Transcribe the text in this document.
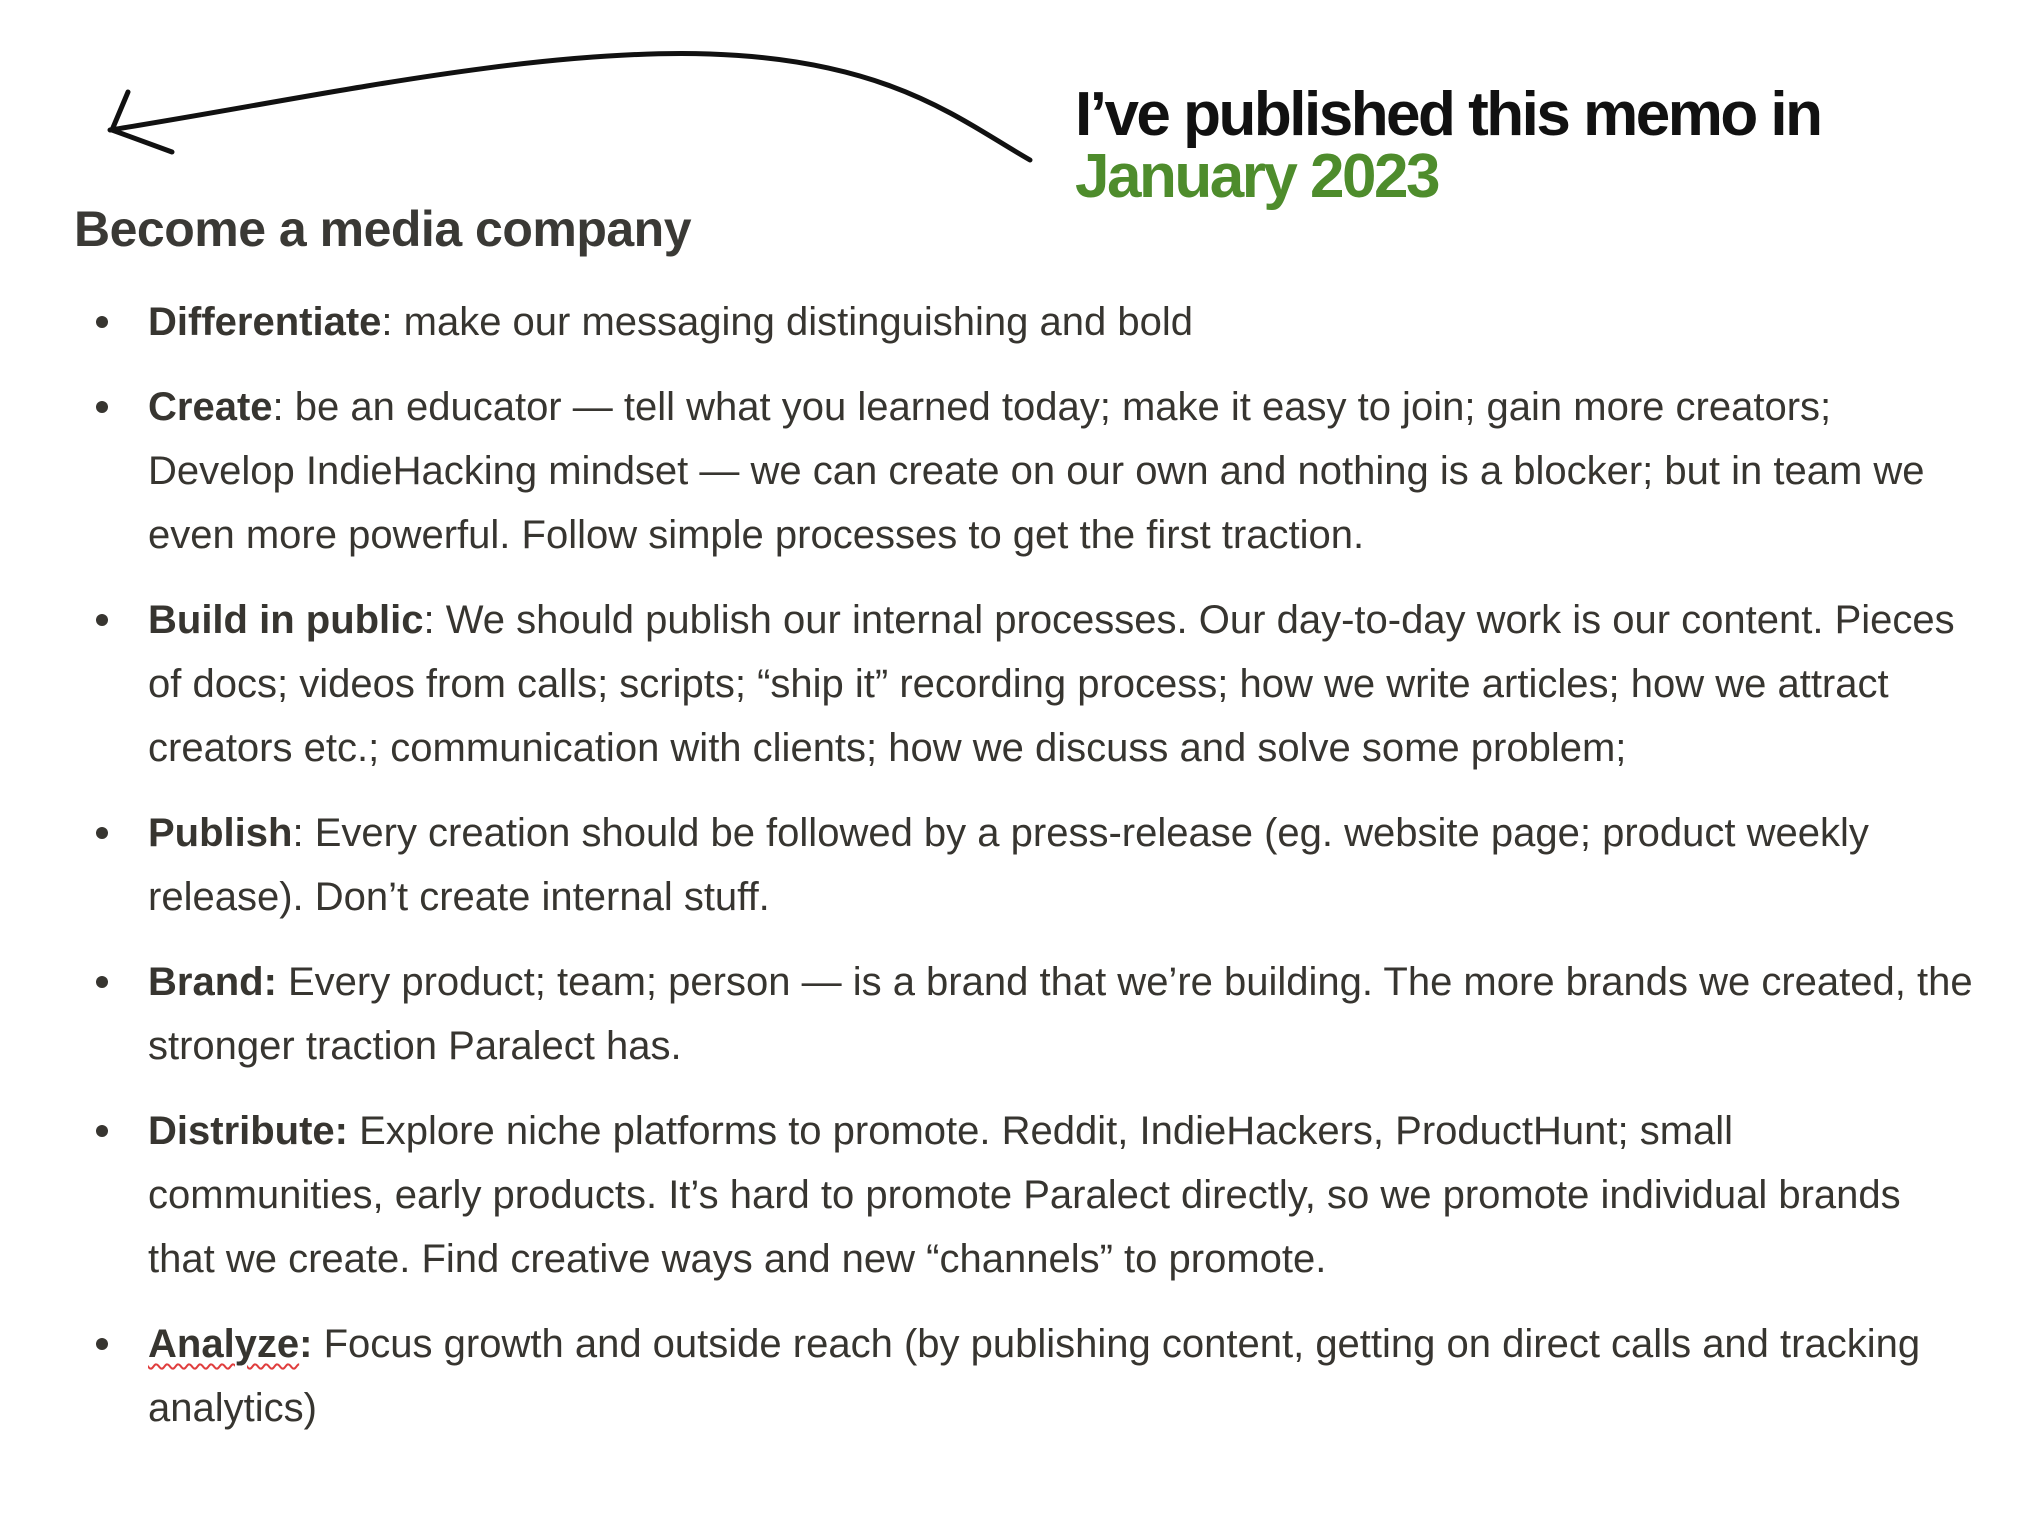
I’ve published this memo in
January 2023
Become a media company
Differentiate: make our messaging distinguishing and bold
Create: be an educator — tell what you learned today; make it easy to join; gain more creators; Develop IndieHacking mindset — we can create on our own and nothing is a blocker; but in team we even more powerful. Follow simple processes to get the first traction.
Build in public: We should publish our internal processes. Our day-to-day work is our content. Pieces of docs; videos from calls; scripts; “ship it” recording process; how we write articles; how we attract creators etc.; communication with clients; how we discuss and solve some problem;
Publish: Every creation should be followed by a press-release (eg. website page; product weekly release). Don’t create internal stuff.
Brand: Every product; team; person — is a brand that we’re building. The more brands we created, the stronger traction Paralect has.
Distribute: Explore niche platforms to promote. Reddit, IndieHackers, ProductHunt; small communities, early products. It’s hard to promote Paralect directly, so we promote individual brands that we create. Find creative ways and new “channels” to promote.
Analyze: Focus growth and outside reach (by publishing content, getting on direct calls and tracking analytics)
